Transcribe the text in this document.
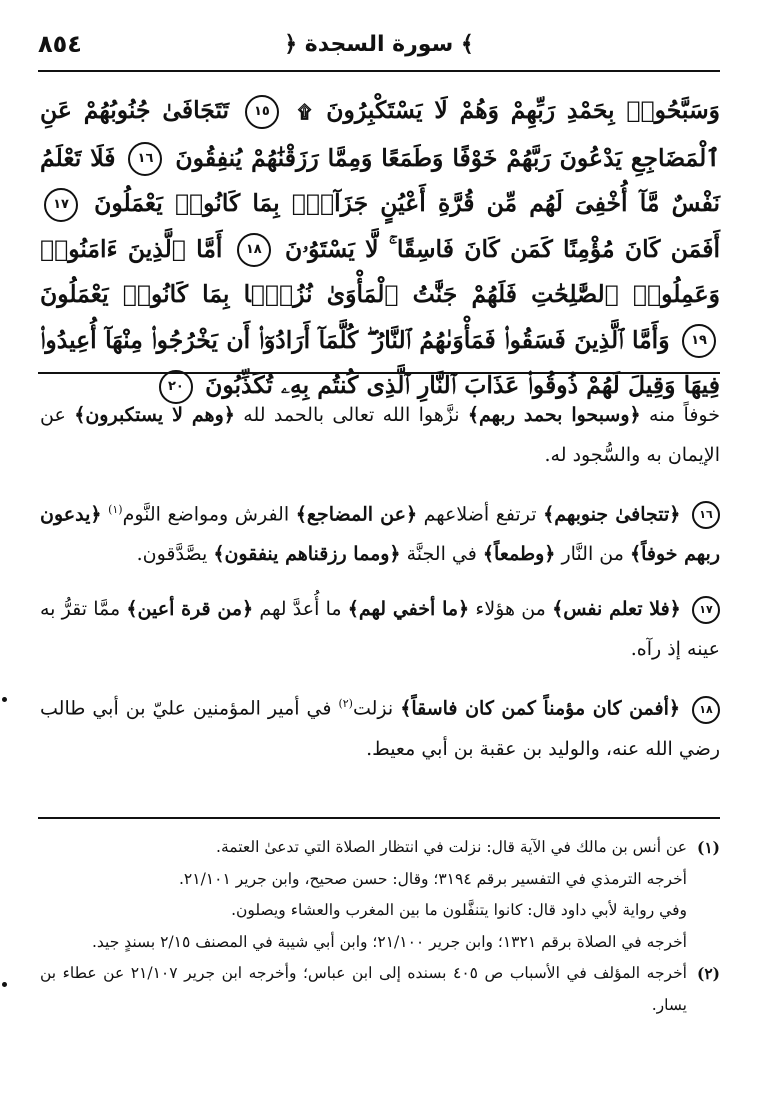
٨٥٤	﴿ سورة السجدة ﴾
وَسَبَّحُوا۟ بِحَمْدِ رَبِّهِمْ وَهُمْ لَا يَسْتَكْبِرُونَ ۩ ١٥ تَتَجَافَىٰ جُنُوبُهُمْ عَنِ ٱلْمَضَاجِعِ يَدْعُونَ رَبَّهُمْ خَوْفًا وَطَمَعًا وَمِمَّا رَزَقْنَٰهُمْ يُنفِقُونَ ١٦ فَلَا تَعْلَمُ نَفْسٌ مَّآ أُخْفِىَ لَهُم مِّن قُرَّةِ أَعْيُنٍ جَزَآءًۢ بِمَا كَانُوا۟ يَعْمَلُونَ ١٧ أَفَمَن كَانَ مُؤْمِنًا كَمَن كَانَ فَاسِقًا ۚ لَّا يَسْتَوُۥنَ ١٨ أَمَّا ٱلَّذِينَ ءَامَنُوا۟ وَعَمِلُوا۟ ٱلصَّٰلِحَٰتِ فَلَهُمْ جَنَّٰتُ ٱلْمَأْوَىٰ نُزُلًۢا بِمَا كَانُوا۟ يَعْمَلُونَ ١٩ وَأَمَّا ٱلَّذِينَ فَسَقُوا۟ فَمَأْوَىٰهُمُ ٱلنَّارُ ۖ كُلَّمَآ أَرَادُوٓا۟ أَن يَخْرُجُوا۟ مِنْهَآ أُعِيدُوا۟ فِيهَا وَقِيلَ لَهُمْ ذُوقُوا۟ عَذَابَ ٱلنَّارِ ٱلَّذِى كُنتُم بِهِۦ تُكَذِّبُونَ ٢٠

خوفاً منه ﴿وسبحوا بحمد ربهم﴾ نزَّهوا الله تعالى بالحمد لله ﴿وهم لا يستكبرون﴾ عن الإيمان به والسُّجود له.

١٦ ﴿تتجافىٰ جنوبهم﴾ ترتفع أضلاعهم ﴿عن المضاجع﴾ الفرش ومواضع النَّوم$^{(١)}$ ﴿يدعون ربهم خوفاً﴾ من النَّار ﴿وطمعاً﴾ في الجنَّة ﴿ومما رزقناهم ينفقون﴾ يصَّدَّقون.

١٧ ﴿فلا تعلم نفس﴾ من هؤلاء ﴿ما أخفي لهم﴾ ما أُعدَّ لهم ﴿من قرة أعين﴾ ممَّا تقرُّ به عينه إذ رآه.

١٨ ﴿أفمن كان مؤمناً كمن كان فاسقاً﴾ نزلت$^{(٢)}$ في أمير المؤمنين عليّ بن أبي طالب رضي الله عنه، والوليد بن عقبة بن أبي معيط.

(١)

عن أنس بن مالك في الآية قال: نزلت في انتظار الصلاة التي تدعىٰ العتمة.

أخرجه الترمذي في التفسير برقم ٣١٩٤؛ وقال: حسن صحيح، وابن جرير ٢١/١٠١.

وفي رواية لأبي داود قال: كانوا يتنفَّلون ما بين المغرب والعشاء ويصلون.

أخرجه في الصلاة برقم ١٣٢١؛ وابن جرير ٢١/١٠٠؛ وابن أبي شيبة في المصنف ٢/١٥ بسندٍ جيد.

(٢)

أخرجه المؤلف في الأسباب ص ٤٠٥ بسنده إلى ابن عباس؛ وأخرجه ابن جرير ٢١/١٠٧ عن عطاء بن يسار.
